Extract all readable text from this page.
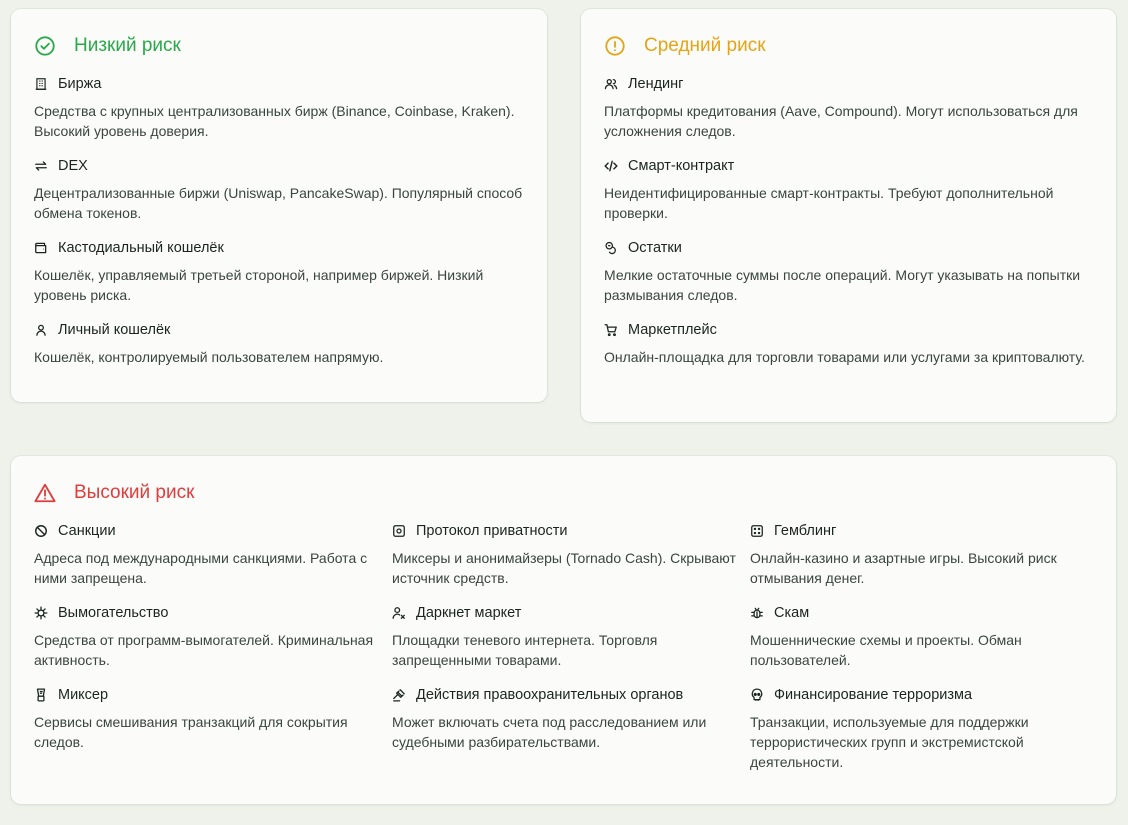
Низкий риск
Биржа
Средства с крупных централизованных бирж (Binance, Coinbase, Kraken). Высокий уровень доверия.
DEX
Децентрализованные биржи (Uniswap, PancakeSwap). Популярный способ обмена токенов.
Кастодиальный кошелёк
Кошелёк, управляемый третьей стороной, например биржей. Низкий уровень риска.
Личный кошелёк
Кошелёк, контролируемый пользователем напрямую.
Средний риск
Лендинг
Платформы кредитования (Aave, Compound). Могут использоваться для усложнения следов.
Смарт-контракт
Неидентифицированные смарт-контракты. Требуют дополнительной проверки.
Остатки
Мелкие остаточные суммы после операций. Могут указывать на попытки размывания следов.
Маркетплейс
Онлайн-площадка для торговли товарами или услугами за криптовалюту.
Высокий риск
Санкции
Адреса под международными санкциями. Работа с ними запрещена.
Протокол приватности
Миксеры и анонимайзеры (Tornado Cash). Скрывают источник средств.
Гемблинг
Онлайн-казино и азартные игры. Высокий риск отмывания денег.
Вымогательство
Средства от программ-вымогателей. Криминальная активность.
Даркнет маркет
Площадки теневого интернета. Торговля запрещенными товарами.
Скам
Мошеннические схемы и проекты. Обман пользователей.
Миксер
Сервисы смешивания транзакций для сокрытия следов.
Действия правоохранительных органов
Может включать счета под расследованием или судебными разбирательствами.
Финансирование терроризма
Транзакции, используемые для поддержки террористических групп и экстремистской деятельности.
